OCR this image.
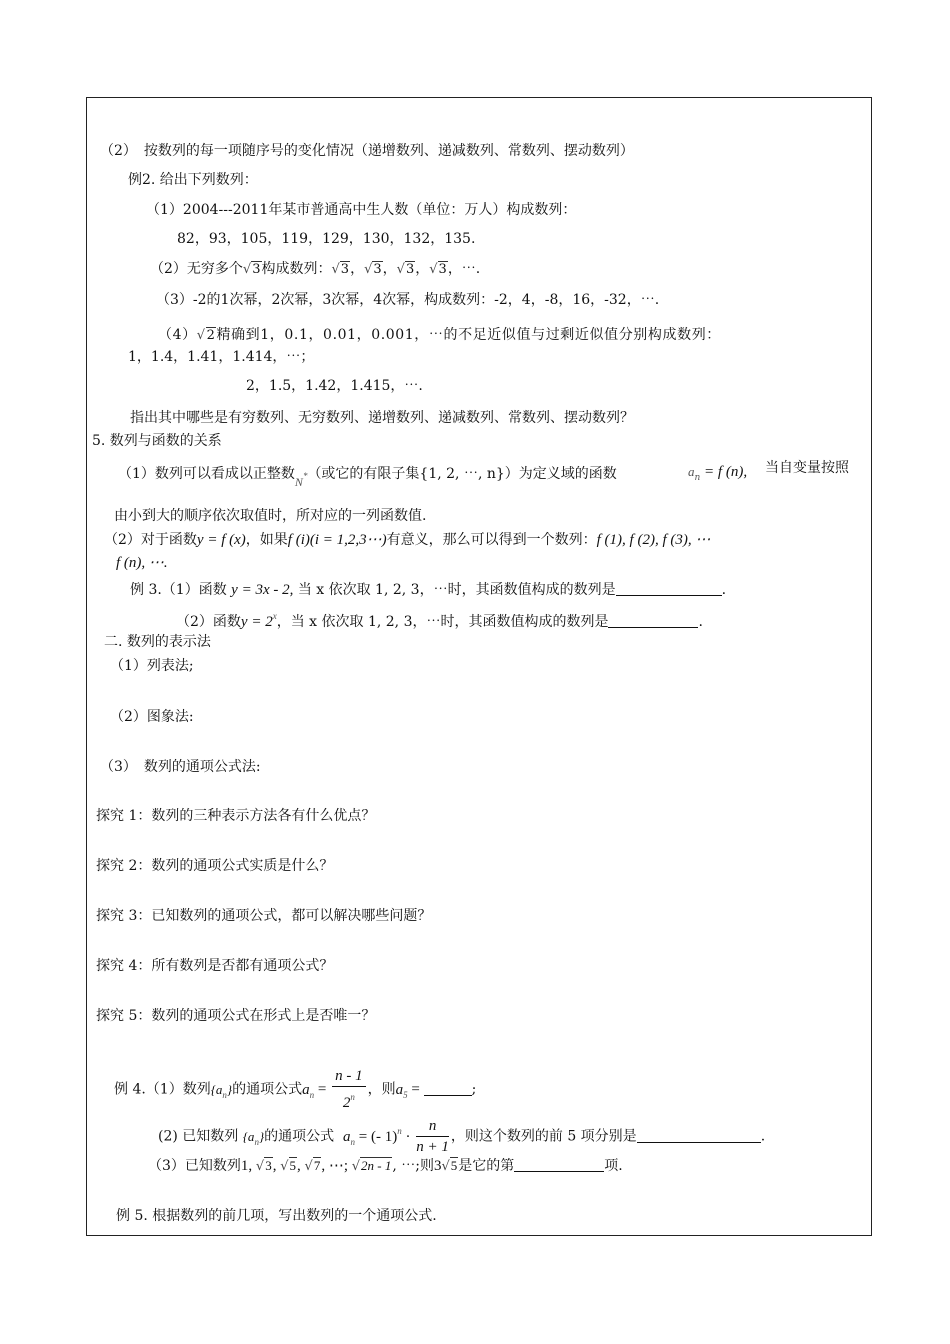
（2）　按数列的每一项随序号的变化情况（递增数列、递减数列、常数列、摆动数列）
例2. 给出下列数列：
（1）2004---2011年某市普通高中生人数（单位：万人）构成数列：
82，93，105，119，129，130，132，135.
（2）无穷多个√3构成数列：√3，√3，√3，√3，⋯.
（3）-2的1次幂，2次幂，3次幂，4次幂，构成数列：-2，4，-8，16，-32，⋯.
（4）√2精确到1，0.1，0.01，0.001，⋯的不足近似值与过剩近似值分别构成数列：
1，1.4，1.41，1.414，⋯；
2，1.5，1.42，1.415，⋯.
指出其中哪些是有穷数列、无穷数列、递增数列、递减数列、常数列、摆动数列？
5. 数列与函数的关系
（1）数列可以看成以正整数N*（或它的有限子集{1, 2, ⋯, n}）为定义域的函数	$a_n = f$ (n), 当自变量按照
由小到大的顺序依次取值时，所对应的一列函数值.
（2）对于函数y = f (x)，如果f (i)(i = 1,2,3⋯)有意义，那么可以得到一个数列：f (1), f (2), f (3), ⋯
f (n), ⋯.
例 3.（1）函数 y = 3x - 2, 当 x 依次取 1, 2, 3，⋯时，其函数值构成的数列是	.
（2）函数$y = 2^x$，当 x 依次取 1, 2, 3，⋯时，其函数值构成的数列是	.
二. 数列的表示法
（1）列表法;
（2）图象法:
（3）　数列的通项公式法:
探究 1：数列的三种表示方法各有什么优点？
探究 2：数列的通项公式实质是什么？
探究 3：已知数列的通项公式，都可以解决哪些问题？
探究 4：所有数列是否都有通项公式？
探究 5：数列的通项公式在形式上是否唯一？
例 4.（1）数列$\{a_n\}$的通项公式$a_n = \frac{n - 1}{2^n}$ ，则$a_5$ =	;
(2) 已知数列 $\{a_n\}$的通项公式 $a_n$ = (- $1)^n \cdot \frac{n}{n + 1}$ ，则这个数列的前 5 项分别是	.
（3）已知数列1, √3, √5, √7, ⋯; √2n - 1, ⋯;则3√5是它的第	项.
例 5. 根据数列的前几项，写出数列的一个通项公式.
